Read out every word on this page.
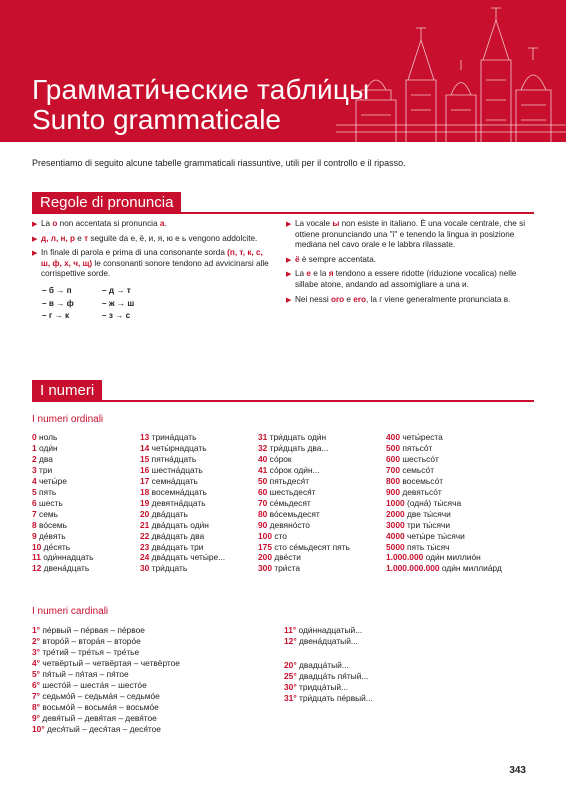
Граммати́ческие табли́цы
Sunto grammaticale
Presentiamo di seguito alcune tabelle grammaticali riassuntive, utili per il controllo e il ripasso.
Regole di pronuncia
▶ La o non accentata si pronuncia a.
▶ д, л, н, р e т seguite da e, ё, и, я, ю e ь vengono addolcite.
▶ In finale di parola e prima di una consonante sorda (п, т, к, с, ш, ф, х, ч, щ) le consonanti sonore tendono ad avvicinarsi alle corrispettive sorde.
– б → п	– д → т
– в → ф	– ж → ш
– г → к	– з → с
▶ La vocale ы non esiste in italiano. È una vocale centrale, che si ottiene pronunciando una "i" e tenendo la lingua in posizione mediana nel cavo orale e le labbra rilassate.
▶ ё è sempre accentata.
▶ La e e la я tendono a essere ridotte (riduzione vocalica) nelle sillabe atone, andando ad assomigliare a una и.
▶ Nei nessi oro e ero, la г viene generalmente pronunciata в.
I numeri
I numeri ordinali
0 ноль
1 оди́н
2 два
3 три
4 четы́ре
5 пять
6 шесть
7 семь
8 во́семь
9 де́вять
10 де́сять
11 оди́ннадцать
12 двена́дцать
13 трина́дцать
14 четы́рнадцать
15 пятна́дцать
16 шестна́дцать
17 семна́дцать
18 восемна́дцать
19 девятна́дцать
20 два́дцать
21 два́дцать оди́н
22 два́дцать два
23 два́дцать три
24 два́дцать четы́ре...
30 три́дцать
31 три́дцать оди́н
32 три́дцать два...
40 со́рок
41 со́рок оди́н...
50 пятьдеся́т
60 шестьдеся́т
70 се́мьдесят
80 во́семьдесят
90 девяно́сто
100 сто
175 сто се́мьдесят пять
200 две́сти
300 три́ста
400 четы́реста
500 пятьсо́т
600 шестьсо́т
700 семьсо́т
800 восемьсо́т
900 девятьсо́т
1000 (одна́) ты́сяча
2000 две ты́сячи
3000 три ты́сячи
4000 четы́ре ты́сячи
5000 пять ты́сяч
1.000.000 оди́н миллио́н
1.000.000.000 оди́н миллиа́рд
I numeri cardinali
1° пе́рвый – пе́рвая – пе́рвое
2° второ́й – втора́я – второ́е
3° тре́тий – тре́тья – тре́тье
4° четвёртый – четвёртая – четвёртое
5° пя́тый – пя́тая – пя́тое
6° шесто́й – шеста́я – шесто́е
7° седьмо́й – седьма́я – седьмо́е
8° восьмо́й – восьма́я – восьмо́е
9° девя́тый – девя́тая – девя́тое
10° деся́тый – деся́тая – деся́тое
11° оди́ннадцатый...
12° двена́дцатый...
20° двадца́тый...
25° двадца́ть пя́тый...
30° тридца́тый...
31° три́дцать пе́рвый...
343
